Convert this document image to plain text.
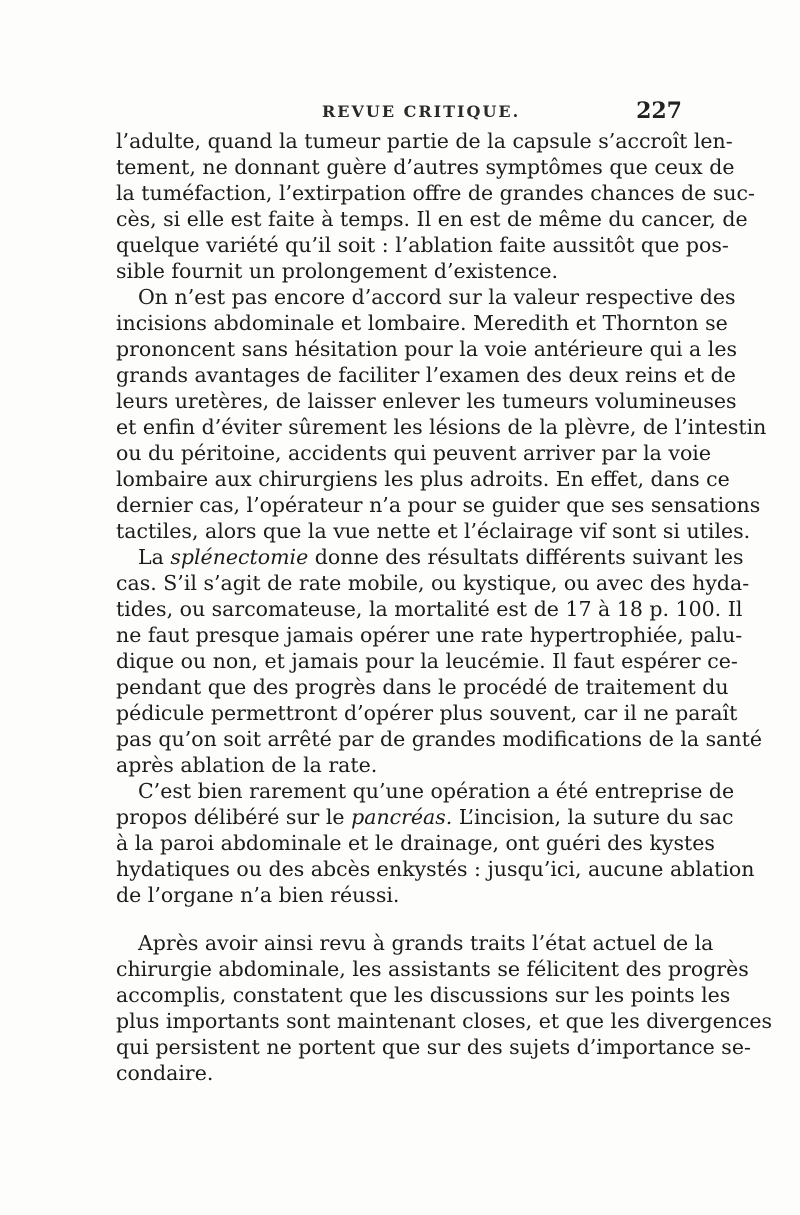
REVUE CRITIQUE.	227
l’adulte, quand la tumeur partie de la capsule s’accroît len-
tement, ne donnant guère d’autres symptômes que ceux de
la tuméfaction, l’extirpation offre de grandes chances de suc-
cès, si elle est faite à temps. Il en est de même du cancer, de
quelque variété qu’il soit : l’ablation faite aussitôt que pos-
sible fournit un prolongement d’existence.
On n’est pas encore d’accord sur la valeur respective des
incisions abdominale et lombaire. Meredith et Thornton se
prononcent sans hésitation pour la voie antérieure qui a les
grands avantages de faciliter l’examen des deux reins et de
leurs uretères, de laisser enlever les tumeurs volumineuses
et enfin d’éviter sûrement les lésions de la plèvre, de l’intestin
ou du péritoine, accidents qui peuvent arriver par la voie
lombaire aux chirurgiens les plus adroits. En effet, dans ce
dernier cas, l’opérateur n’a pour se guider que ses sensations
tactiles, alors que la vue nette et l’éclairage vif sont si utiles.
La splénectomie donne des résultats différents suivant les
cas. S’il s’agit de rate mobile, ou kystique, ou avec des hyda-
tides, ou sarcomateuse, la mortalité est de 17 à 18 p. 100. Il
ne faut presque jamais opérer une rate hypertrophiée, palu-
dique ou non, et jamais pour la leucémie. Il faut espérer ce-
pendant que des progrès dans le procédé de traitement du
pédicule permettront d’opérer plus souvent, car il ne paraît
pas qu’on soit arrêté par de grandes modifications de la santé
après ablation de la rate.
C’est bien rarement qu’une opération a été entreprise de
propos délibéré sur le pancréas. L’incision, la suture du sac
à la paroi abdominale et le drainage, ont guéri des kystes
hydatiques ou des abcès enkystés : jusqu’ici, aucune ablation
de l’organe n’a bien réussi.
Après avoir ainsi revu à grands traits l’état actuel de la
chirurgie abdominale, les assistants se félicitent des progrès
accomplis, constatent que les discussions sur les points les
plus importants sont maintenant closes, et que les divergences
qui persistent ne portent que sur des sujets d’importance se-
condaire.
